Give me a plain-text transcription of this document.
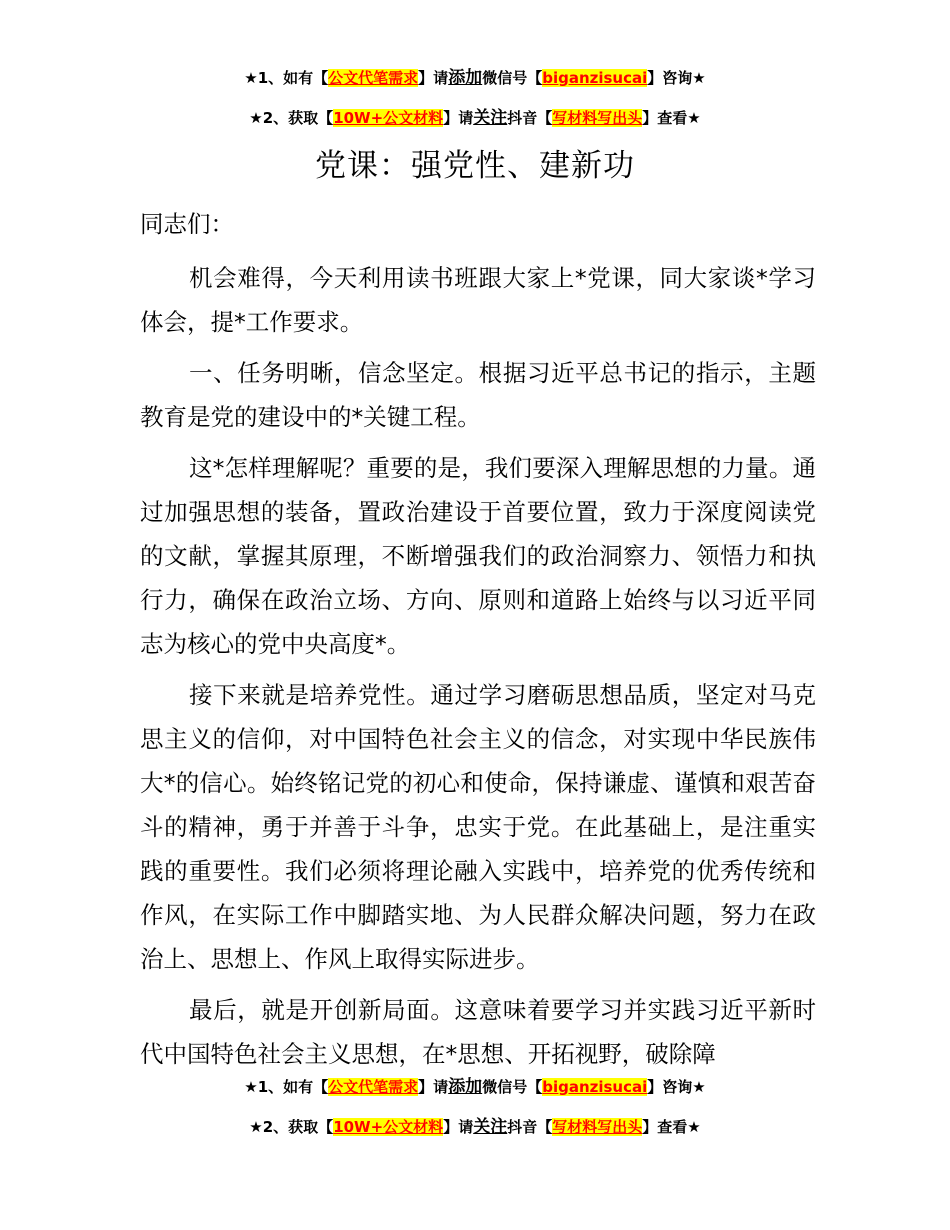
★1、如有【公文代笔需求】请添加微信号【biganzisucai】咨询★
★2、获取【10W+公文材料】请关注抖音【写材料写出头】查看★
党课：强党性、建新功

同志们：

机会难得，今天利用读书班跟大家上*党课，同大家谈*学习体会，提*工作要求。

一、任务明晰，信念坚定。根据习近平总书记的指示，主题教育是党的建设中的*关键工程。

这*怎样理解呢？重要的是，我们要深入理解思想的力量。通过加强思想的装备，置政治建设于首要位置，致力于深度阅读党的文献，掌握其原理，不断增强我们的政治洞察力、领悟力和执行力，确保在政治立场、方向、原则和道路上始终与以习近平同志为核心的党中央高度*。

接下来就是培养党性。通过学习磨砺思想品质，坚定对马克思主义的信仰，对中国特色社会主义的信念，对实现中华民族伟大*的信心。始终铭记党的初心和使命，保持谦虚、谨慎和艰苦奋斗的精神，勇于并善于斗争，忠实于党。在此基础上，是注重实践的重要性。我们必须将理论融入实践中，培养党的优秀传统和作风，在实际工作中脚踏实地、为人民群众解决问题，努力在政治上、思想上、作风上取得实际进步。

最后，就是开创新局面。这意味着要学习并实践习近平新时代中国特色社会主义思想，在*思想、开拓视野，破除障

★1、如有【公文代笔需求】请添加微信号【biganzisucai】咨询★
★2、获取【10W+公文材料】请关注抖音【写材料写出头】查看★
